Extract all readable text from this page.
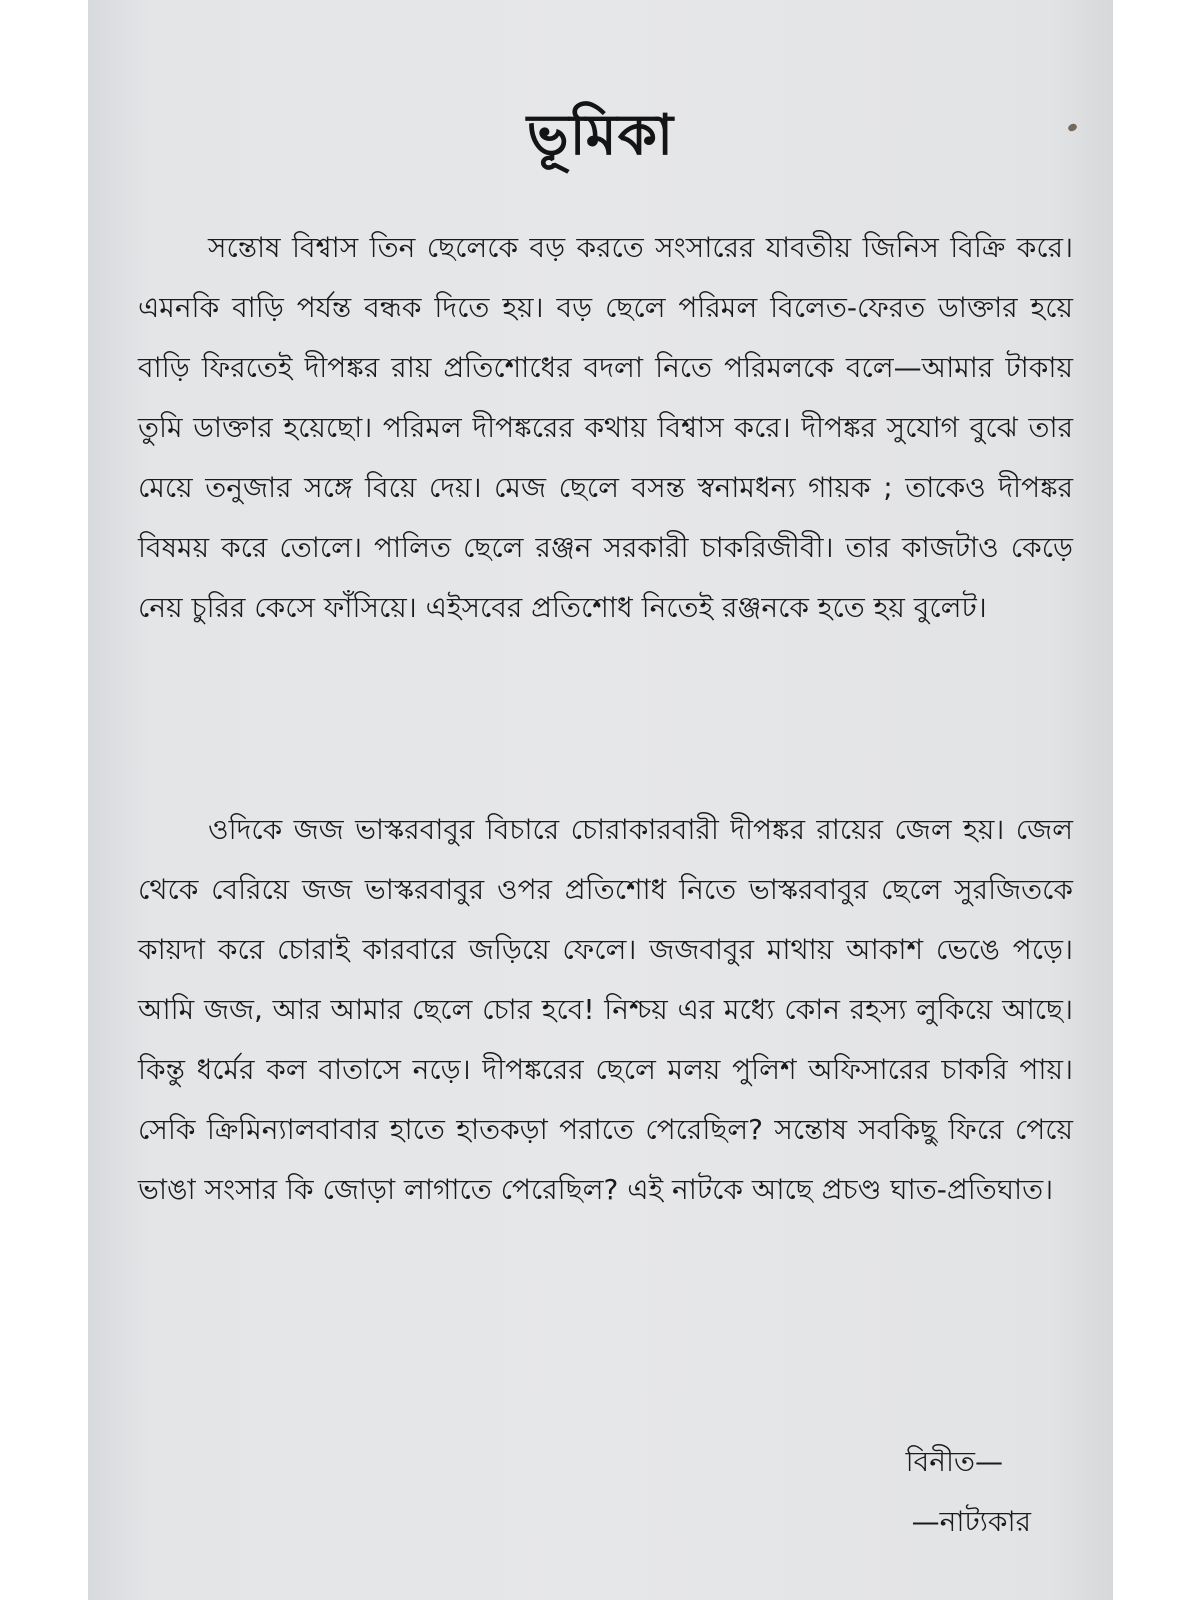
ভূমিকা

সন্তোষ বিশ্বাস তিন ছেলেকে বড় করতে সংসারের যাবতীয় জিনিস বিক্রি করে। এমনকি বাড়ি পর্যন্ত বন্ধক দিতে হয়। বড় ছেলে পরিমল বিলেত-ফেরত ডাক্তার হয়ে বাড়ি ফিরতেই দীপঙ্কর রায় প্রতিশোধের বদলা নিতে পরিমলকে বলে—আমার টাকায় তুমি ডাক্তার হয়েছো। পরিমল দীপঙ্করের কথায় বিশ্বাস করে। দীপঙ্কর সুযোগ বুঝে তার মেয়ে তনুজার সঙ্গে বিয়ে দেয়। মেজ ছেলে বসন্ত স্বনামধন্য গায়ক ; তাকেও দীপঙ্কর বিষময় করে তোলে। পালিত ছেলে রঞ্জন সরকারী চাকরিজীবী। তার কাজটাও কেড়ে নেয় চুরির কেসে ফাঁসিয়ে। এইসবের প্রতিশোধ নিতেই রঞ্জনকে হতে হয় বুলেট।

ওদিকে জজ ভাস্করবাবুর বিচারে চোরাকারবারী দীপঙ্কর রায়ের জেল হয়। জেল থেকে বেরিয়ে জজ ভাস্করবাবুর ওপর প্রতিশোধ নিতে ভাস্করবাবুর ছেলে সুরজিতকে কায়দা করে চোরাই কারবারে জড়িয়ে ফেলে। জজবাবুর মাথায় আকাশ ভেঙে পড়ে। আমি জজ, আর আমার ছেলে চোর হবে! নিশ্চয় এর মধ্যে কোন রহস্য লুকিয়ে আছে। কিন্তু ধর্মের কল বাতাসে নড়ে। দীপঙ্করের ছেলে মলয় পুলিশ অফিসারের চাকরি পায়। সেকি ক্রিমিন্যালবাবার হাতে হাতকড়া পরাতে পেরেছিল? সন্তোষ সবকিছু ফিরে পেয়ে ভাঙা সংসার কি জোড়া লাগাতে পেরেছিল? এই নাটকে আছে প্রচণ্ড ঘাত-প্রতিঘাত।

বিনীত—
—নাট্যকার
